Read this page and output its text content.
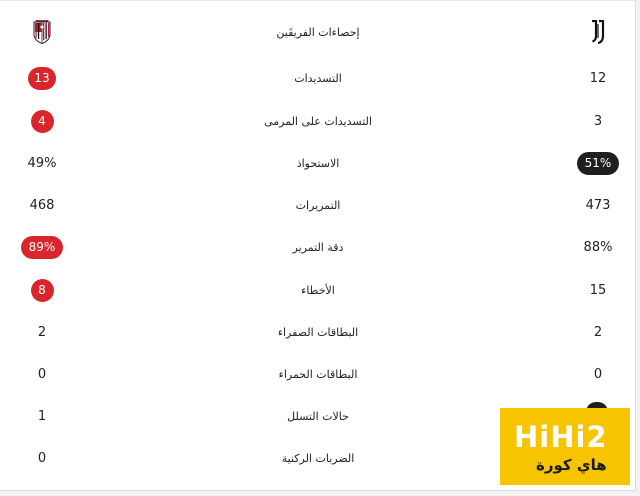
إحصاءات الفريقَين
13	التسديدات	12
4	التسديدات على المرمى	3
49%	الاستحواذ	51%
468	التمريرات	473
89%	دقة التمرير	88%
8	الأخطاء	15
2	البطاقات الصفراء	2
0	البطاقات الحمراء	0
1	حالات التسلل
0	الضربات الركنية
HiHi2
هاي كورة
